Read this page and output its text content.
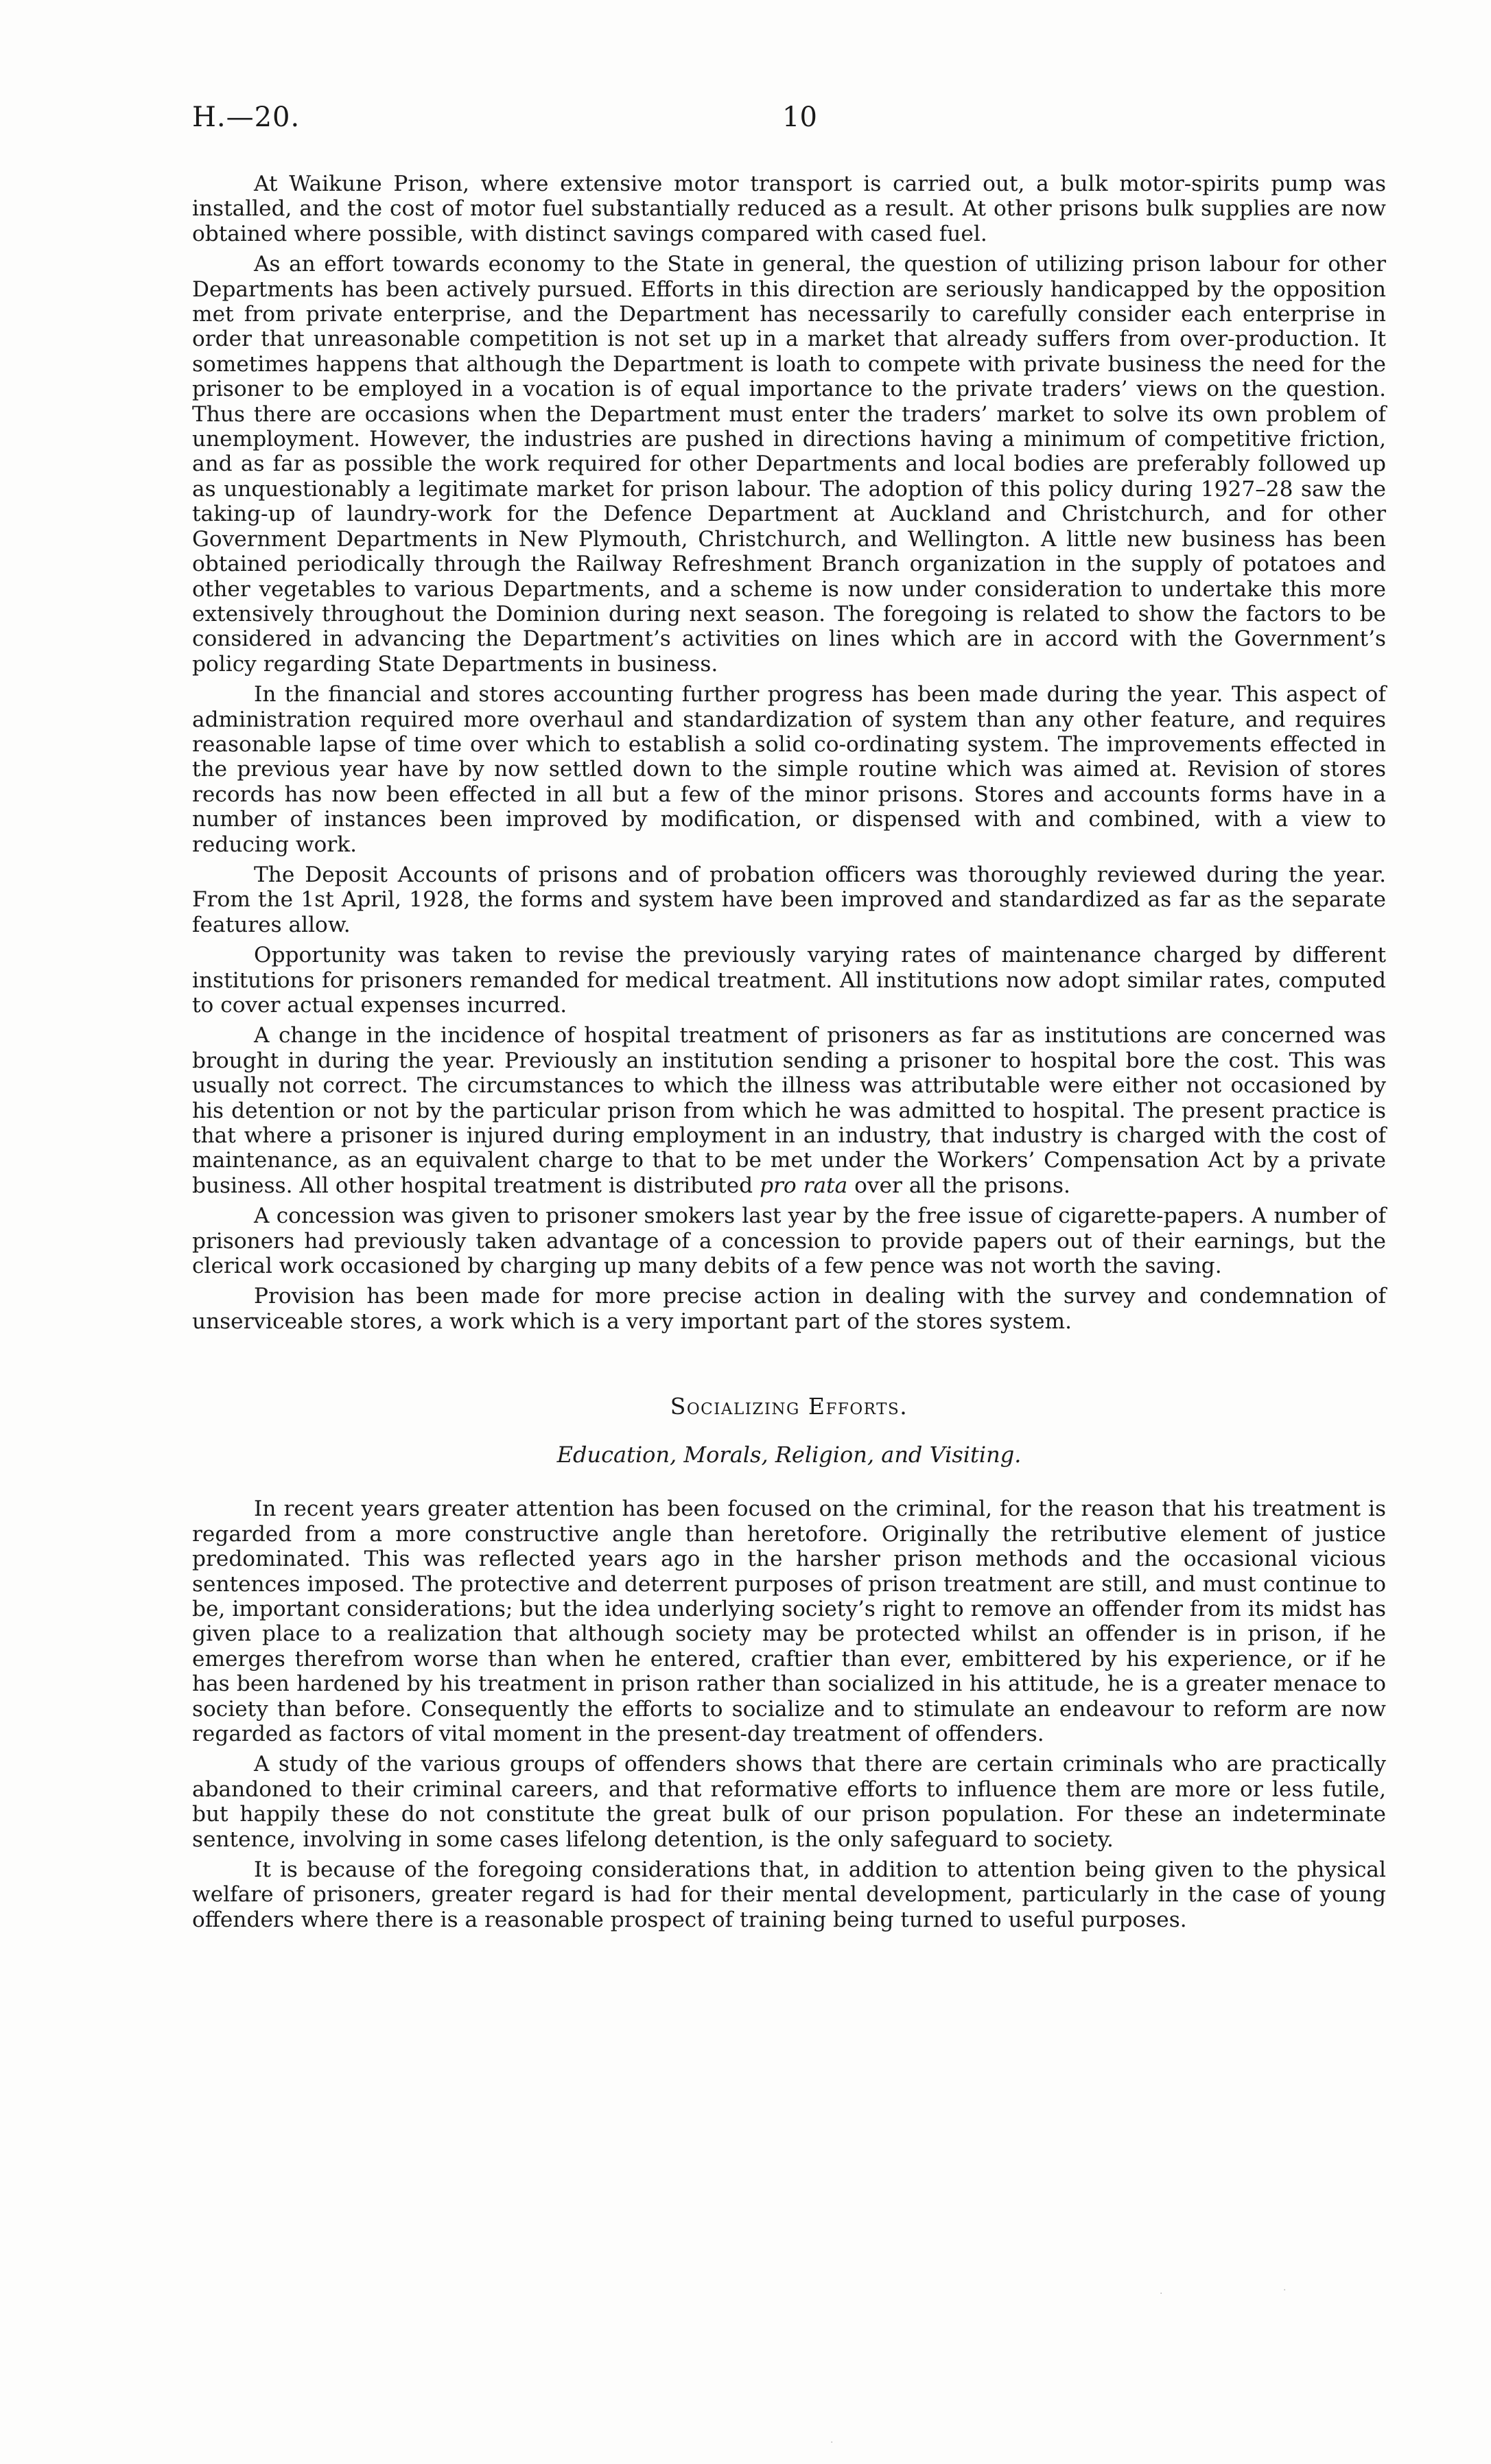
H.—20.	10

At Waikune Prison, where extensive motor transport is carried out, a bulk motor-spirits pump was installed, and the cost of motor fuel substantially reduced as a result. At other prisons bulk supplies are now obtained where possible, with distinct savings compared with cased fuel.

As an effort towards economy to the State in general, the question of utilizing prison labour for other Departments has been actively pursued. Efforts in this direction are seriously handicapped by the opposition met from private enterprise, and the Department has necessarily to carefully consider each enterprise in order that unreasonable competition is not set up in a market that already suffers from over-production. It sometimes happens that although the Department is loath to compete with private business the need for the prisoner to be employed in a vocation is of equal importance to the private traders’ views on the question. Thus there are occasions when the Department must enter the traders’ market to solve its own problem of unemployment. However, the industries are pushed in directions having a minimum of competitive friction, and as far as possible the work required for other Departments and local bodies are preferably followed up as unquestionably a legitimate market for prison labour. The adoption of this policy during 1927–28 saw the taking-up of laundry-work for the Defence Department at Auckland and Christchurch, and for other Government Departments in New Plymouth, Christchurch, and Wellington. A little new business has been obtained periodically through the Railway Refreshment Branch organization in the supply of potatoes and other vegetables to various Departments, and a scheme is now under consideration to undertake this more extensively throughout the Dominion during next season. The foregoing is related to show the factors to be considered in advancing the Department’s activities on lines which are in accord with the Government’s policy regarding State Departments in business.

In the financial and stores accounting further progress has been made during the year. This aspect of administration required more overhaul and standardization of system than any other feature, and requires reasonable lapse of time over which to establish a solid co-ordinating system. The improvements effected in the previous year have by now settled down to the simple routine which was aimed at. Revision of stores records has now been effected in all but a few of the minor prisons. Stores and accounts forms have in a number of instances been improved by modification, or dispensed with and combined, with a view to reducing work.

The Deposit Accounts of prisons and of probation officers was thoroughly reviewed during the year. From the 1st April, 1928, the forms and system have been improved and standardized as far as the separate features allow.

Opportunity was taken to revise the previously varying rates of maintenance charged by different institutions for prisoners remanded for medical treatment. All institutions now adopt similar rates, computed to cover actual expenses incurred.

A change in the incidence of hospital treatment of prisoners as far as institutions are concerned was brought in during the year. Previously an institution sending a prisoner to hospital bore the cost. This was usually not correct. The circumstances to which the illness was attributable were either not occasioned by his detention or not by the particular prison from which he was admitted to hospital. The present practice is that where a prisoner is injured during employment in an industry, that industry is charged with the cost of maintenance, as an equivalent charge to that to be met under the Workers’ Compensation Act by a private business. All other hospital treatment is distributed pro rata over all the prisons.

A concession was given to prisoner smokers last year by the free issue of cigarette-papers. A number of prisoners had previously taken advantage of a concession to provide papers out of their earnings, but the clerical work occasioned by charging up many debits of a few pence was not worth the saving.

Provision has been made for more precise action in dealing with the survey and condemnation of unserviceable stores, a work which is a very important part of the stores system.

Socializing Efforts.
Education, Morals, Religion, and Visiting.

In recent years greater attention has been focused on the criminal, for the reason that his treatment is regarded from a more constructive angle than heretofore. Originally the retributive element of justice predominated. This was reflected years ago in the harsher prison methods and the occasional vicious sentences imposed. The protective and deterrent purposes of prison treatment are still, and must continue to be, important considerations; but the idea underlying society’s right to remove an offender from its midst has given place to a realization that although society may be protected whilst an offender is in prison, if he emerges therefrom worse than when he entered, craftier than ever, embittered by his experience, or if he has been hardened by his treatment in prison rather than socialized in his attitude, he is a greater menace to society than before. Consequently the efforts to socialize and to stimulate an endeavour to reform are now regarded as factors of vital moment in the present-day treatment of offenders.

A study of the various groups of offenders shows that there are certain criminals who are practically abandoned to their criminal careers, and that reformative efforts to influence them are more or less futile, but happily these do not constitute the great bulk of our prison population. For these an indeterminate sentence, involving in some cases lifelong detention, is the only safeguard to society.

It is because of the foregoing considerations that, in addition to attention being given to the physical welfare of prisoners, greater regard is had for their mental development, particularly in the case of young offenders where there is a reasonable prospect of training being turned to useful purposes.

·	·
·
